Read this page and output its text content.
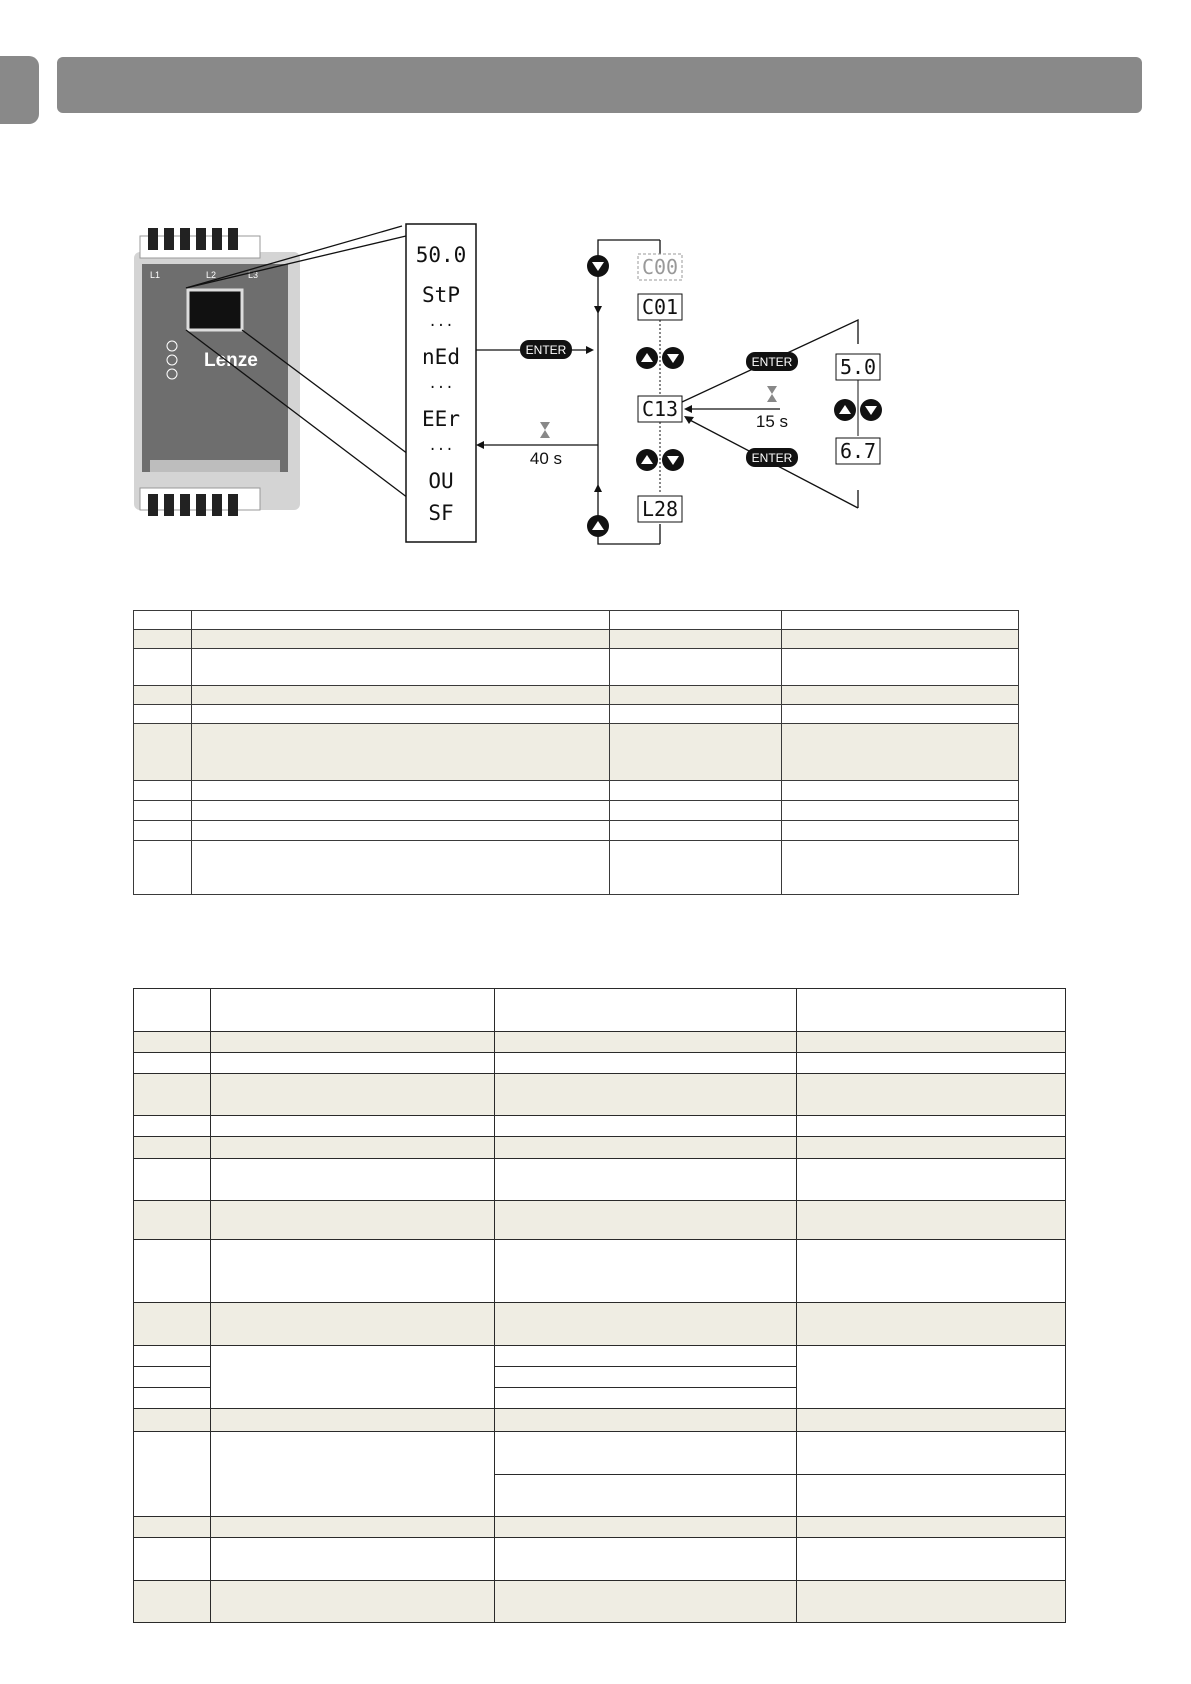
L1	L2	L3
Lenze
50.0
StP
...
nEd
...
EEr
...
OU
SF
ENTER
40 s
C00
C01
C13
L28
ENTER
ENTER
15 s
5.0
6.7
